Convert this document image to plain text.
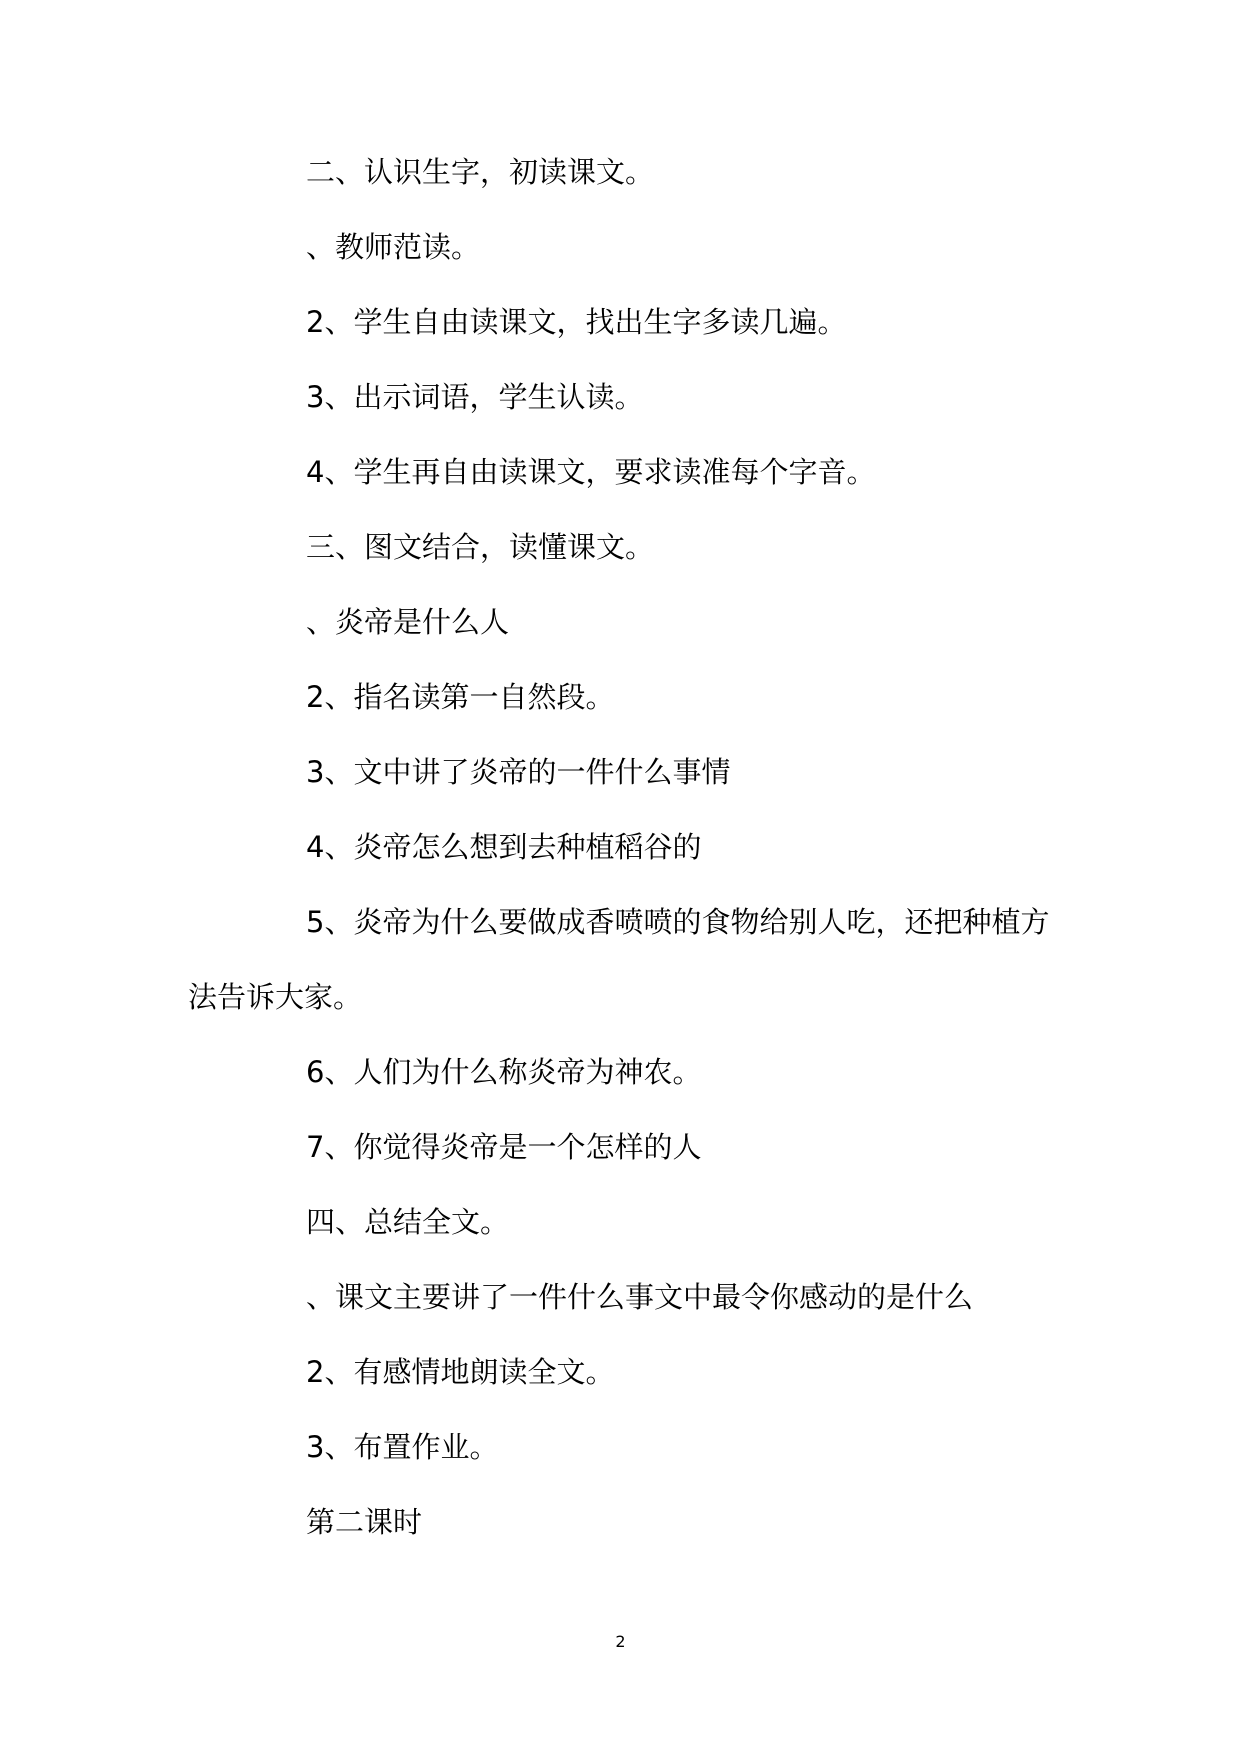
二、认识生字，初读课文。

、教师范读。

2、学生自由读课文，找出生字多读几遍。

3、出示词语，学生认读。

4、学生再自由读课文，要求读准每个字音。

三、图文结合，读懂课文。

、炎帝是什么人

2、指名读第一自然段。

3、文中讲了炎帝的一件什么事情

4、炎帝怎么想到去种植稻谷的

5、炎帝为什么要做成香喷喷的食物给别人吃，还把种植方

法告诉大家。

6、人们为什么称炎帝为神农。

7、你觉得炎帝是一个怎样的人

四、总结全文。

、课文主要讲了一件什么事文中最令你感动的是什么

2、有感情地朗读全文。

3、布置作业。

第二课时

2
